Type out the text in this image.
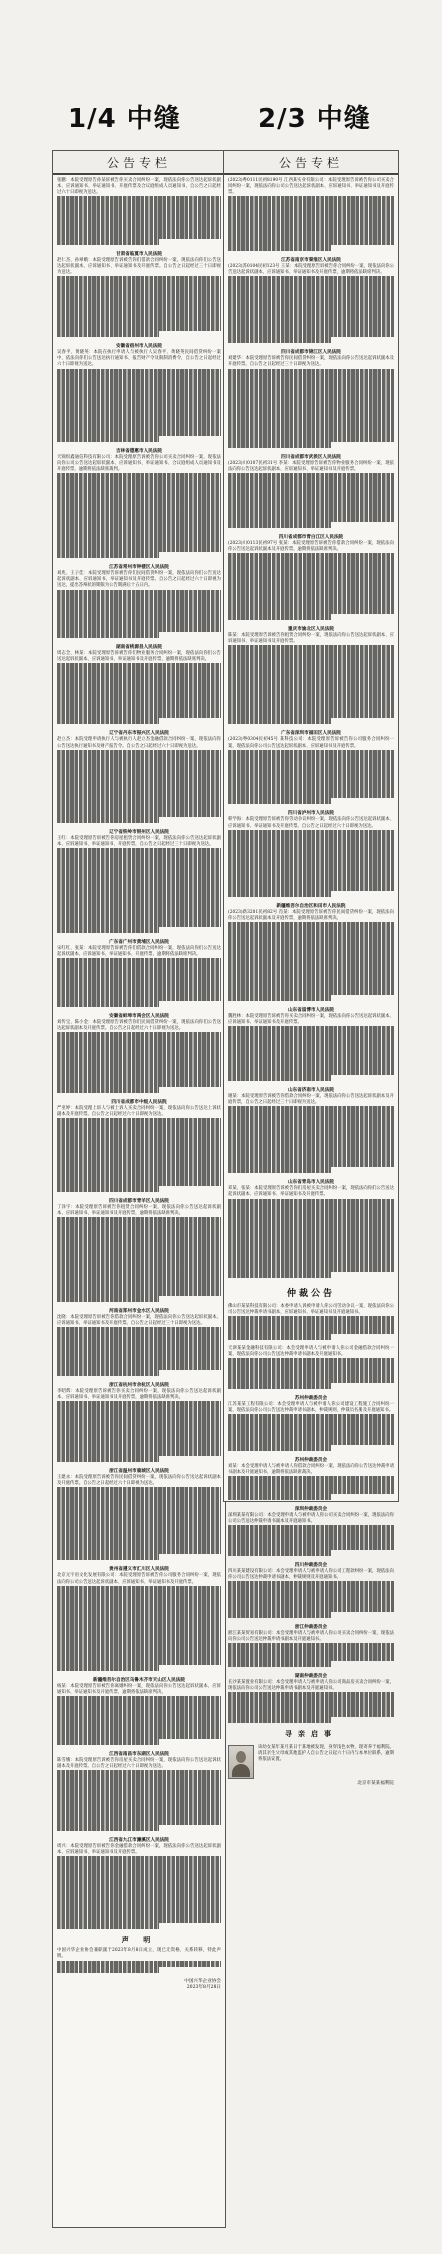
1/4 中缝	2/3 中缝
公告专栏
张鹏：本院受理原告孙某诉被告你买卖合同纠纷一案，现依法向你公告送达起诉状副本、应诉通知书、举证通知书、开庭传票及合议庭组成人员通知书，自公告之日起经过六十日即视为送达。
甘肃省临夏市人民法院
赵仁杰、孙翠娥：本院受理原告诉被告你们借款合同纠纷一案，现依法向你们公告送达起诉状副本、应诉通知书、举证通知书及开庭传票。自公告之日起经过三十日即视为送达。
安徽省宿州市人民法院
吴春平、黄晓英：本院在执行申请人与被执行人吴春平、黄晓英民间借贷纠纷一案中，依法向你们公告送达执行通知书、报告财产令及限制消费令，自公告之日起经过六十日即视为送达。
吉林省德惠市人民法院
天锦炽鑫通信科技有限公司：本院受理原告诉被告你公司买卖合同纠纷一案，现依法向你公司公告送达起诉状副本、应诉通知书、举证通知书、合议庭组成人员通知书及开庭传票，逾期将依法缺席裁判。
江苏省常州市钟楼区人民法院
刘兆、王子佳：本院受理原告诉被告你们民间借贷纠纷一案，现依法向你们公告送达起诉状副本、应诉通知书、举证通知书及开庭传票。自公告之日起经过六十日即视为送达，提出答辩状的期限为公告期满后十五日内。
湖南省桃源县人民法院
周志全、林某：本院受理原告诉被告你们物业服务合同纠纷一案，现依法向你们公告送达起诉状副本、应诉通知书、举证通知书及开庭传票，逾期将依法缺席判决。
辽宁省丹东市振兴区人民法院
赵立杰：本院受理申请执行人与被执行人赵立杰金融借款合同纠纷一案，现依法向你公告送达执行通知书及财产报告令。自公告之日起经过六十日即视为送达。
辽宁省铁岭市银州区人民法院
王红：本院受理原告诉被告你房屋租赁合同纠纷一案，现依法向你公告送达起诉状副本、应诉通知书、举证通知书、开庭传票，自公告之日起经过三十日即视为送达。
广东省广州市黄埔区人民法院
宋红红、张某：本院受理原告诉被告你们借款合同纠纷一案，现依法向你们公告送达起诉状副本、应诉通知书、举证通知书、开庭传票，逾期将依法缺席判决。
安徽省蚌埠市禹会区人民法院
刘传宝、陈小金：本院受理原告诉被告你们民间借贷纠纷一案，现依法向你们公告送达起诉状副本及开庭传票。自公告之日起经过六十日即视为送达。
四川省成都市中级人民法院
严亚婷：本院受理上诉人与被上诉人买卖合同纠纷一案，现依法向你公告送达上诉状副本及开庭传票。自公告之日起经过六十日即视为送达。
四川省成都市青羊区人民法院
丁泽宇：本院受理原告诉被告你租赁合同纠纷一案，现依法向你公告送达起诉状副本、应诉通知书、举证通知书及开庭传票，逾期将依法缺席判决。
河南省郑州市金水区人民法院
沈晓：本院受理原告诉被告你借款合同纠纷一案，现依法向你公告送达起诉状副本、应诉通知书、举证通知书及开庭传票。自公告之日起经过三十日即视为送达。
浙江省杭州市余杭区人民法院
李昭辉：本院受理原告诉被告你买卖合同纠纷一案，现依法向你公告送达起诉状副本、应诉通知书、举证通知书及开庭传票，逾期将依法缺席判决。
浙江省温州市鹿城区人民法院
王建永：本院受理原告诉被告你民间借贷纠纷一案，现依法向你公告送达起诉状副本及开庭传票。自公告之日起经过六十日即视为送达。
贵州省遵义市汇川区人民法院
北京元宇宙文化发展有限公司：本院受理原告诉被告你公司服务合同纠纷一案，现依法向你公司公告送达起诉状副本、应诉通知书、举证通知书及开庭传票。
新疆维吾尔自治区乌鲁木齐市天山区人民法院
杨某：本院受理原告诉被告你离婚纠纷一案，现依法向你公告送达起诉状副本、应诉通知书、举证通知书及开庭传票，逾期将依法缺席判决。
江西省南昌市东湖区人民法院
陈雪娥：本院受理原告诉被告你房屋买卖合同纠纷一案，现依法向你公告送达起诉状副本及开庭传票。自公告之日起经过六十日即视为送达。
江西省九江市濂溪区人民法院
周兴：本院受理原告诉被告你金融借款合同纠纷一案，现依法向你公告送达起诉状副本、应诉通知书、举证通知书及开庭传票。
声 明
中国兴华企业协会兼职副于2023年8月8日成立，现已无资格，关系转移，特此声明。
中国兴华企业协会
2023年8月28日
公告专栏
(2023)粤0111民初8190号 江西某实业有限公司：本院受理原告诉被告你公司买卖合同纠纷一案，现依法向你公司公告送达起诉状副本、应诉通知书、举证通知书及开庭传票。
江苏省南京市秦淮区人民法院
(2023)苏0104民初123号 王某：本院受理原告诉被告你合同纠纷一案，现依法向你公告送达起诉状副本、应诉通知书、举证通知书及开庭传票，逾期将依法缺席判决。
四川省成都市锦江区人民法院
刘建华：本院受理原告诉被告你民间借贷纠纷一案，现依法向你公告送达起诉状副本及开庭传票。自公告之日起经过三十日即视为送达。
四川省成都市武侯区人民法院
(2023)川0107民初31号 李某：本院受理原告诉被告你物业服务合同纠纷一案，现依法向你公告送达起诉状副本、应诉通知书、举证通知书及开庭传票。
四川省成都市青白江区人民法院
(2023)川0113民初97号 张某：本院受理原告诉被告你借款合同纠纷一案，现依法向你公告送达起诉状副本及开庭传票，逾期将依法缺席判决。
重庆市渝北区人民法院
陈某：本院受理原告诉被告你租赁合同纠纷一案，现依法向你公告送达起诉状副本、应诉通知书、举证通知书及开庭传票。
广东省深圳市福田区人民法院
(2023)粤0304民初45号 某科技公司：本院受理原告诉被告你公司服务合同纠纷一案，现依法向你公司公告送达起诉状副本、应诉通知书及开庭传票。
四川省泸州市人民法院
韩学海：本院受理原告诉被告你劳动争议纠纷一案，现依法向你公告送达起诉状副本、应诉通知书、举证通知书及开庭传票。自公告之日起经过六十日即视为送达。
新疆维吾尔自治区和田市人民法院
(2023)新3201民初82号 肖某：本院受理原告诉被告你民间借贷纠纷一案，现依法向你公告送达起诉状副本及开庭传票，逾期将依法缺席判决。
山东省淄博市人民法院
魏胜林：本院受理原告诉被告你买卖合同纠纷一案，现依法向你公告送达起诉状副本、应诉通知书、举证通知书及开庭传票。
山东省济南市人民法院
谢某：本院受理原告诉被告你借款合同纠纷一案，现依法向你公告送达起诉状副本及开庭传票，自公告之日起经过三十日即视为送达。
山东省青岛市人民法院
邓某、张某：本院受理原告诉被告你们房屋买卖合同纠纷一案，现依法向你们公告送达起诉状副本、应诉通知书、举证通知书及开庭传票。
仲裁公告
佛山市某某科技有限公司：本委申请人诉被申请人你公司劳动争议一案，现依法向你公司公告送达仲裁申请书副本、应诉通知书、举证通知书及开庭通知书。
天津某某金融科技有限公司：本会受理申请人与被申请人你公司金融借款合同纠纷一案，现依法向你公司公告送达仲裁申请书副本及开庭通知书。
苏州仲裁委员会
江苏某某工程有限公司：本会受理申请人与被申请人你公司建设工程施工合同纠纷一案，现依法向你公司公告送达仲裁申请书副本、仲裁规则、仲裁员名册及开庭通知书。
苏州仲裁委员会
刘某：本会受理申请人与被申请人你借款合同纠纷一案，现依法向你公告送达仲裁申请书副本及开庭通知书，逾期将依法缺席裁决。
深圳仲裁委员会
深圳某某有限公司：本会受理申请人与被申请人你公司买卖合同纠纷一案，现依法向你公司公告送达仲裁申请书副本及开庭通知书。
四川仲裁委员会
四川某某建设有限公司：本会受理申请人与被申请人你公司工程款纠纷一案，现依法向你公司公告送达仲裁申请书副本、仲裁规则及开庭通知书。
浙江仲裁委员会
浙江某某贸易有限公司：本会受理申请人与被申请人你公司买卖合同纠纷一案，现依法向你公司公告送达仲裁申请书副本及开庭通知书。
湖南仲裁委员会
长沙某某置业有限公司：本会受理申请人与被申请人你公司商品房买卖合同纠纷一案，现依法向你公司公告送达仲裁申请书副本及开庭通知书。
寻亲启事
该幼女某年某月某日于某地被发现，身穿浅色衣物，现寄养于福利院。请其亲生父母或其他监护人自公告之日起六十日内与本单位联系，逾期将依法安置。
北京市某某福利院
